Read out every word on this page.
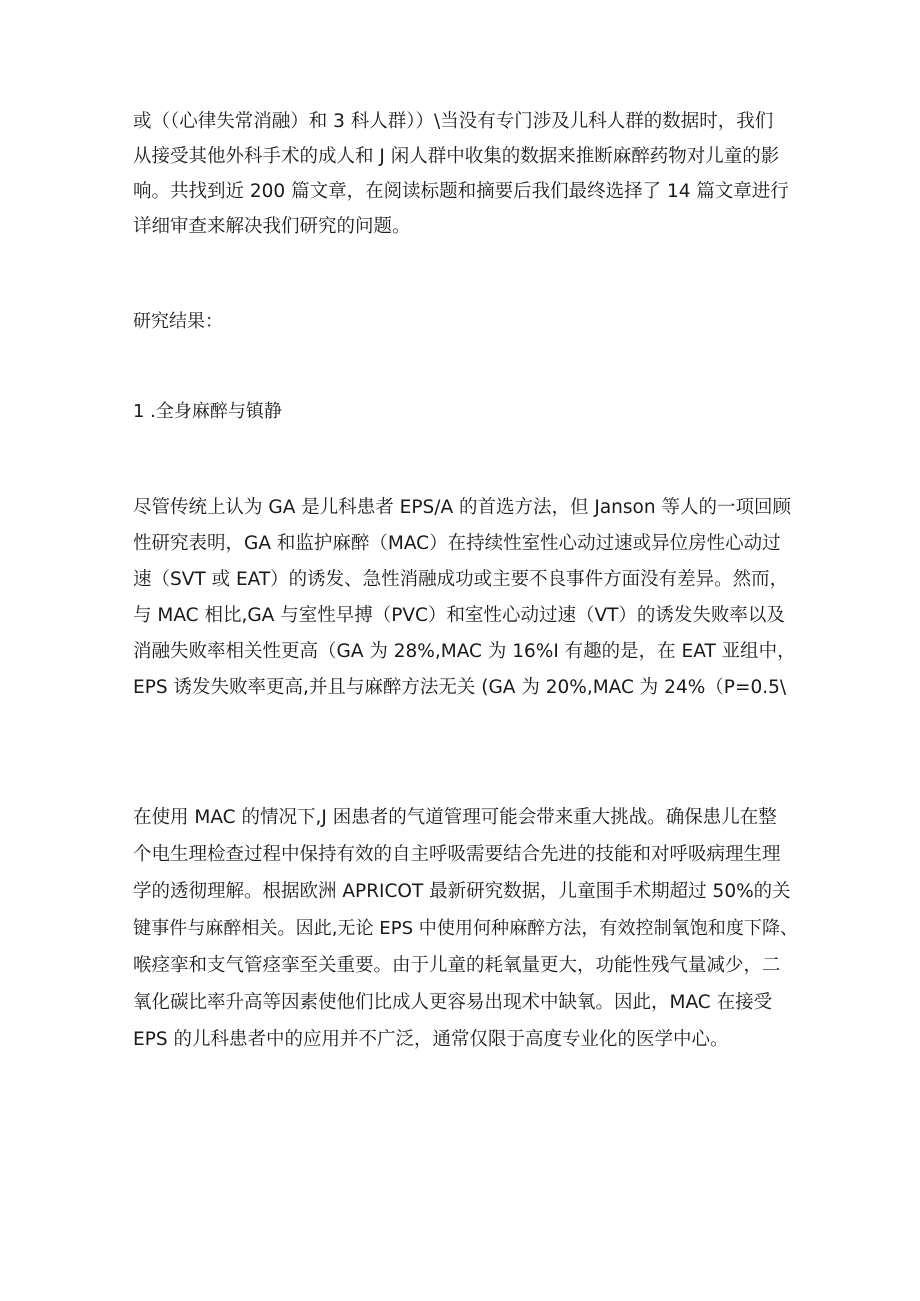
或（（心律失常消融）和 3 科人群））\当没有专门涉及儿科人群的数据时，我们
从接受其他外科手术的成人和 J 闲人群中收集的数据来推断麻醉药物对儿童的影
响。共找到近 200 篇文章，在阅读标题和摘要后我们最终选择了 14 篇文章进行
详细审查来解决我们研究的问题。
研究结果：
1 .全身麻醉与镇静
尽管传统上认为 GA 是儿科患者 EPS/A 的首选方法，但 Janson 等人的一项回顾
性研究表明，GA 和监护麻醉（MAC）在持续性室性心动过速或异位房性心动过
速（SVT 或 EAT）的诱发、急性消融成功或主要不良事件方面没有差异。然而，
与 MAC 相比,GA 与室性早搏（PVC）和室性心动过速（VT）的诱发失败率以及
消融失败率相关性更高（GA 为 28%,MAC 为 16%I 有趣的是，在 EAT 亚组中，
EPS 诱发失败率更高,并且与麻醉方法无关 (GA 为 20%,MAC 为 24%（P=0.5\
在使用 MAC 的情况下,J 困患者的气道管理可能会带来重大挑战。确保患儿在整
个电生理检查过程中保持有效的自主呼吸需要结合先进的技能和对呼吸病理生理
学的透彻理解。根据欧洲 APRICOT 最新研究数据，儿童围手术期超过 50%的关
键事件与麻醉相关。因此,无论 EPS 中使用何种麻醉方法，有效控制氧饱和度下降、
喉痉挛和支气管痉挛至关重要。由于儿童的耗氧量更大，功能性残气量减少，二
氧化碳比率升高等因素使他们比成人更容易出现术中缺氧。因此，MAC 在接受
EPS 的儿科患者中的应用并不广泛，通常仅限于高度专业化的医学中心。
